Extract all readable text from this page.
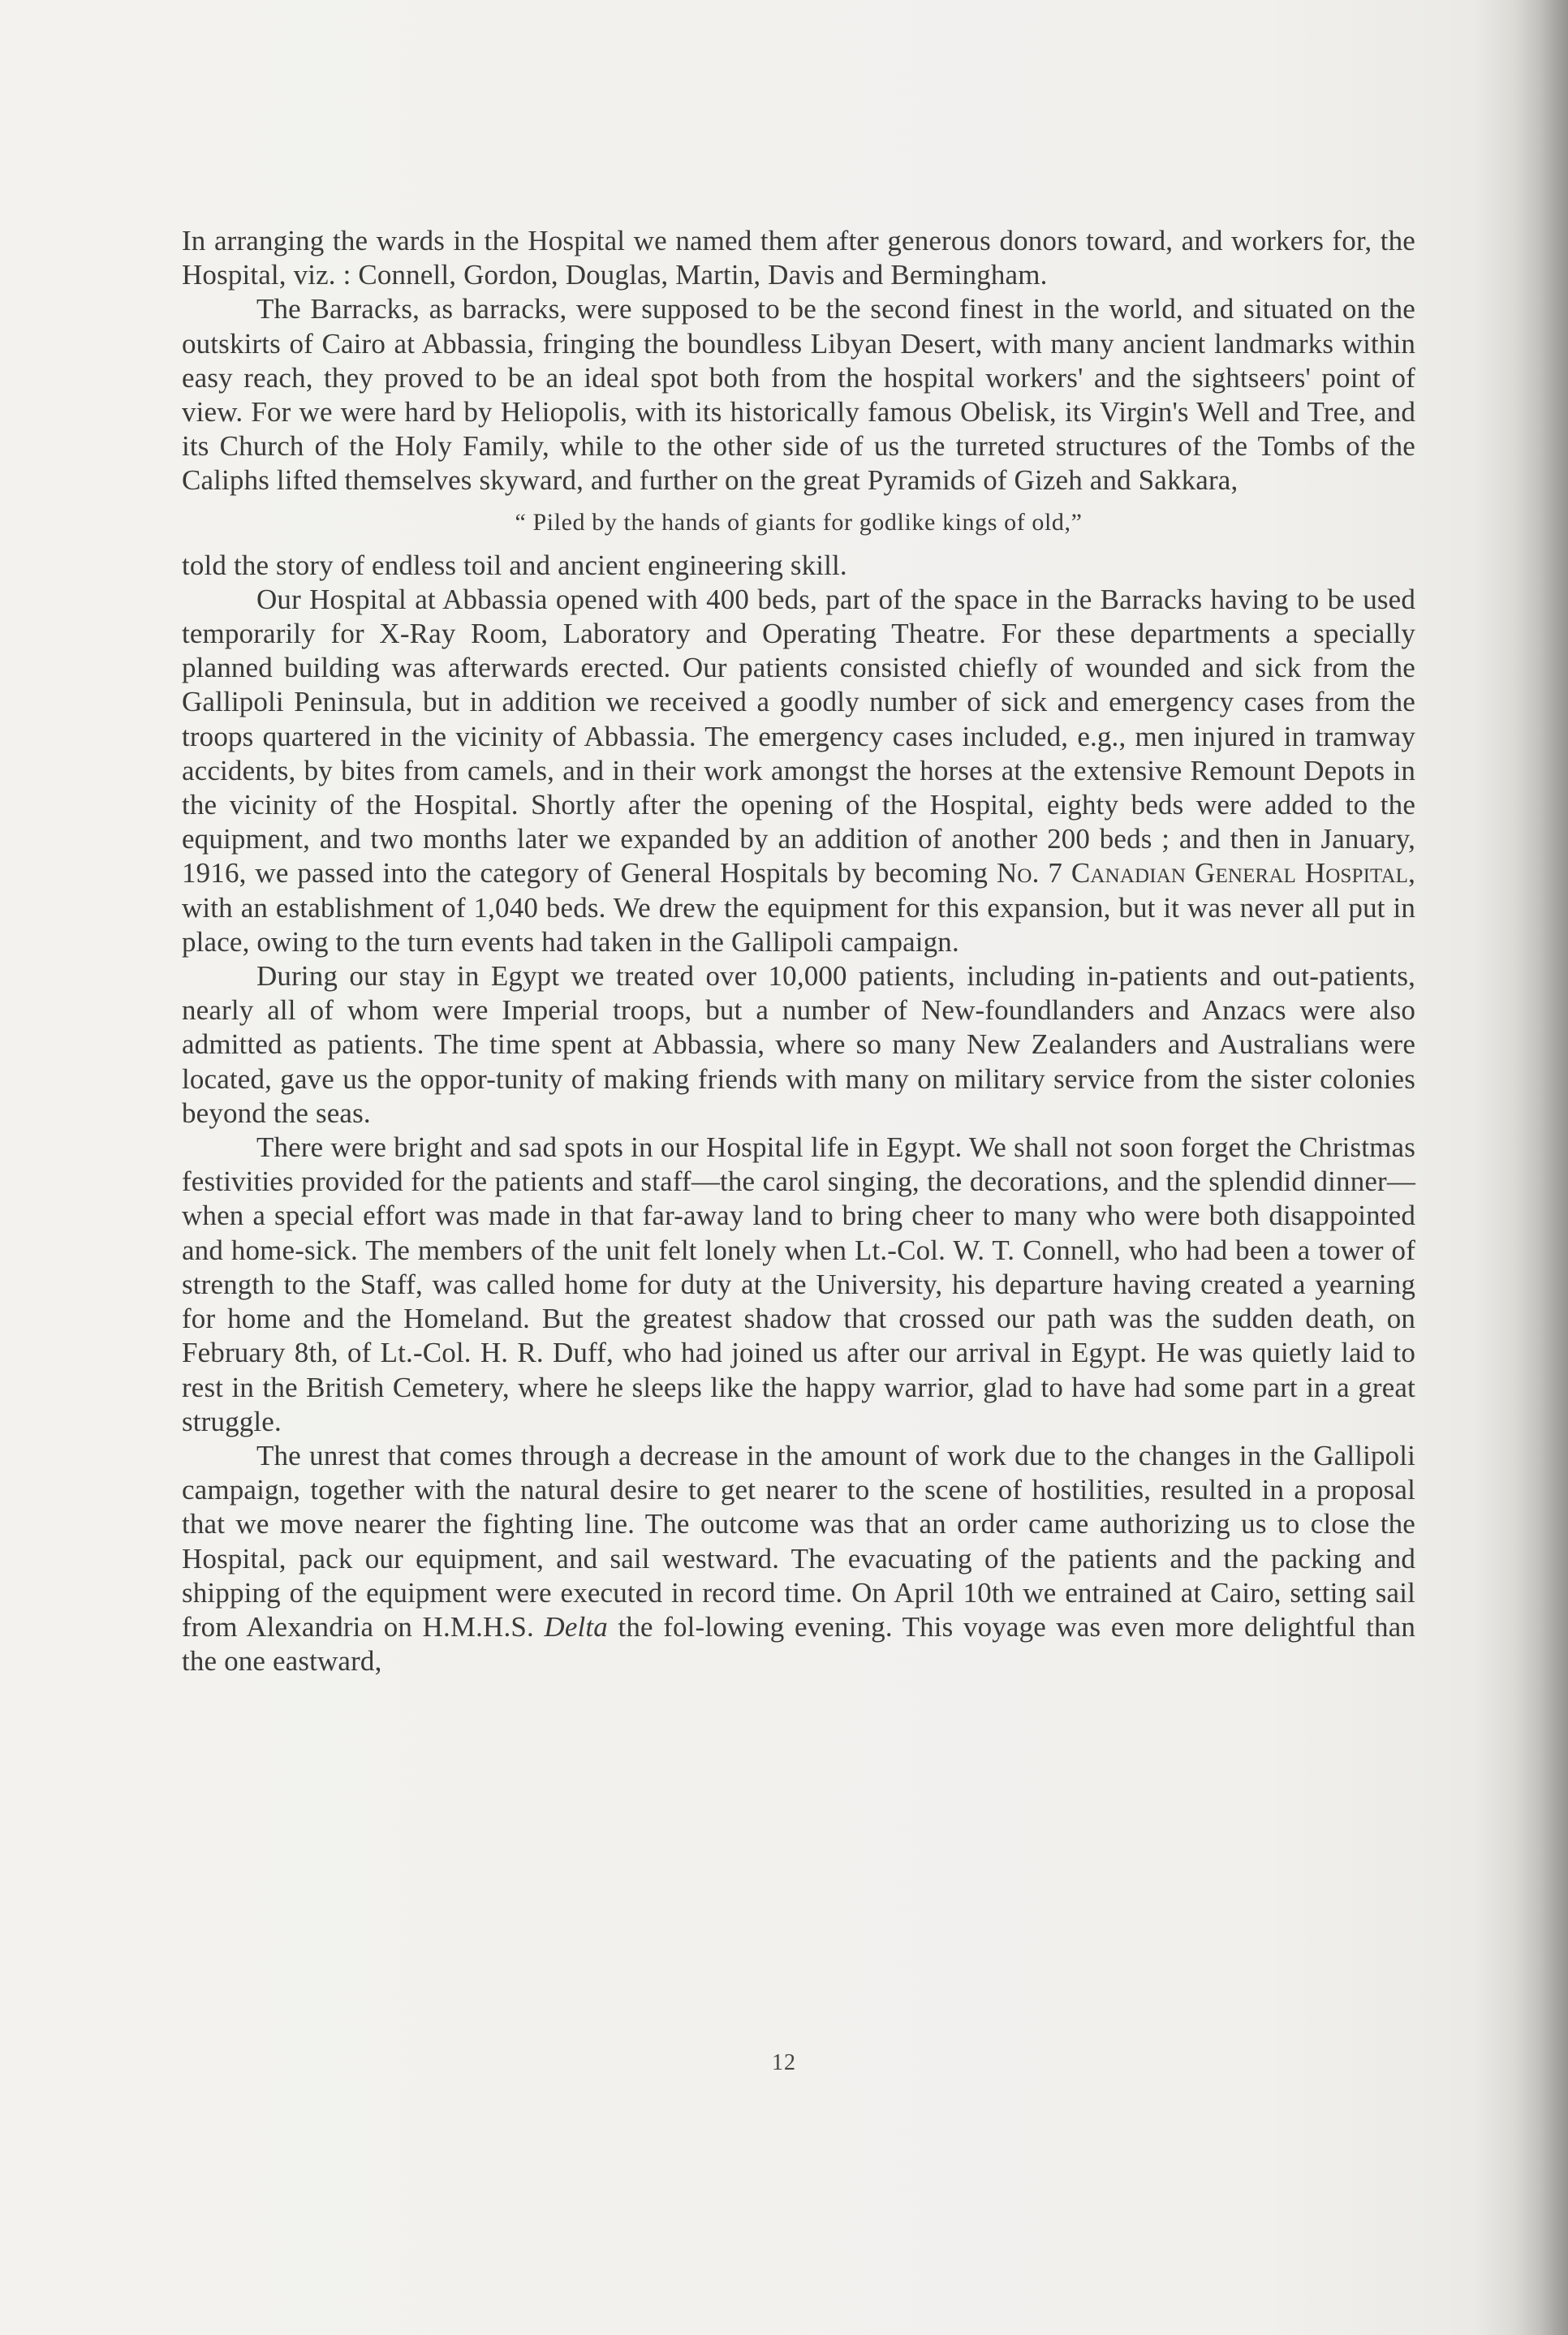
In arranging the wards in the Hospital we named them after generous donors toward, and workers for, the Hospital, viz. : Connell, Gordon, Douglas, Martin, Davis and Bermingham.

The Barracks, as barracks, were supposed to be the second finest in the world, and situated on the outskirts of Cairo at Abbassia, fringing the boundless Libyan Desert, with many ancient landmarks within easy reach, they proved to be an ideal spot both from the hospital workers' and the sightseers' point of view. For we were hard by Heliopolis, with its historically famous Obelisk, its Virgin's Well and Tree, and its Church of the Holy Family, while to the other side of us the turreted structures of the Tombs of the Caliphs lifted themselves skyward, and further on the great Pyramids of Gizeh and Sakkara,

“ Piled by the hands of giants for godlike kings of old,”

told the story of endless toil and ancient engineering skill.

Our Hospital at Abbassia opened with 400 beds, part of the space in the Barracks having to be used temporarily for X-Ray Room, Laboratory and Operating Theatre. For these departments a specially planned building was afterwards erected. Our patients consisted chiefly of wounded and sick from the Gallipoli Peninsula, but in addition we received a goodly number of sick and emergency cases from the troops quartered in the vicinity of Abbassia. The emergency cases included, e.g., men injured in tramway accidents, by bites from camels, and in their work amongst the horses at the extensive Remount Depots in the vicinity of the Hospital. Shortly after the opening of the Hospital, eighty beds were added to the equipment, and two months later we expanded by an addition of another 200 beds ; and then in January, 1916, we passed into the category of General Hospitals by becoming No. 7 Canadian General Hospital, with an establishment of 1,040 beds. We drew the equipment for this expansion, but it was never all put in place, owing to the turn events had taken in the Gallipoli campaign.

During our stay in Egypt we treated over 10,000 patients, including in-patients and out-patients, nearly all of whom were Imperial troops, but a number of New-foundlanders and Anzacs were also admitted as patients. The time spent at Abbassia, where so many New Zealanders and Australians were located, gave us the oppor-tunity of making friends with many on military service from the sister colonies beyond the seas.

There were bright and sad spots in our Hospital life in Egypt. We shall not soon forget the Christmas festivities provided for the patients and staff—the carol singing, the decorations, and the splendid dinner—when a special effort was made in that far-away land to bring cheer to many who were both disappointed and home-sick. The members of the unit felt lonely when Lt.-Col. W. T. Connell, who had been a tower of strength to the Staff, was called home for duty at the University, his departure having created a yearning for home and the Homeland. But the greatest shadow that crossed our path was the sudden death, on February 8th, of Lt.-Col. H. R. Duff, who had joined us after our arrival in Egypt. He was quietly laid to rest in the British Cemetery, where he sleeps like the happy warrior, glad to have had some part in a great struggle.

The unrest that comes through a decrease in the amount of work due to the changes in the Gallipoli campaign, together with the natural desire to get nearer to the scene of hostilities, resulted in a proposal that we move nearer the fighting line. The outcome was that an order came authorizing us to close the Hospital, pack our equipment, and sail westward. The evacuating of the patients and the packing and shipping of the equipment were executed in record time. On April 10th we entrained at Cairo, setting sail from Alexandria on H.M.H.S. Delta the fol-lowing evening. This voyage was even more delightful than the one eastward,

12
